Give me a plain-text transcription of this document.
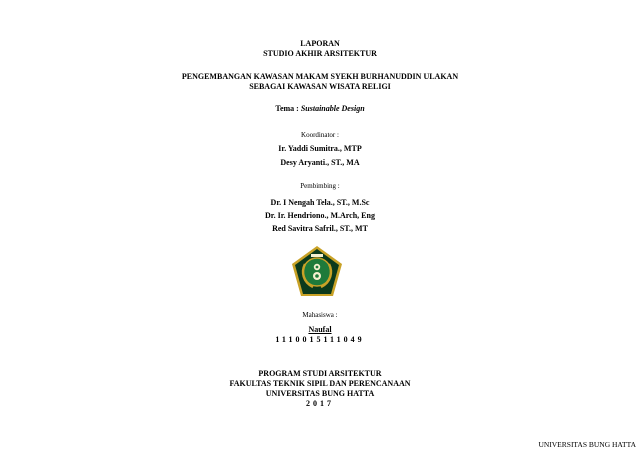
LAPORAN
STUDIO AKHIR ARSITEKTUR
PENGEMBANGAN KAWASAN MAKAM SYEKH BURHANUDDIN ULAKAN
SEBAGAI KAWASAN WISATA RELIGI
Tema : Sustainable Design
Koordinator :
Ir. Yaddi Sumitra., MTP
Desy Aryanti., ST., MA
Pembimbing :
Dr. I Nengah Tela., ST., M.Sc
Dr. Ir. Hendriono., M.Arch, Eng
Red Savitra Safril., ST., MT
Mahasiswa :
Naufal
1110015111049
PROGRAM STUDI ARSITEKTUR
FAKULTAS TEKNIK SIPIL DAN PERENCANAAN
UNIVERSITAS BUNG HATTA
2017
UNIVERSITAS BUNG HATTA
